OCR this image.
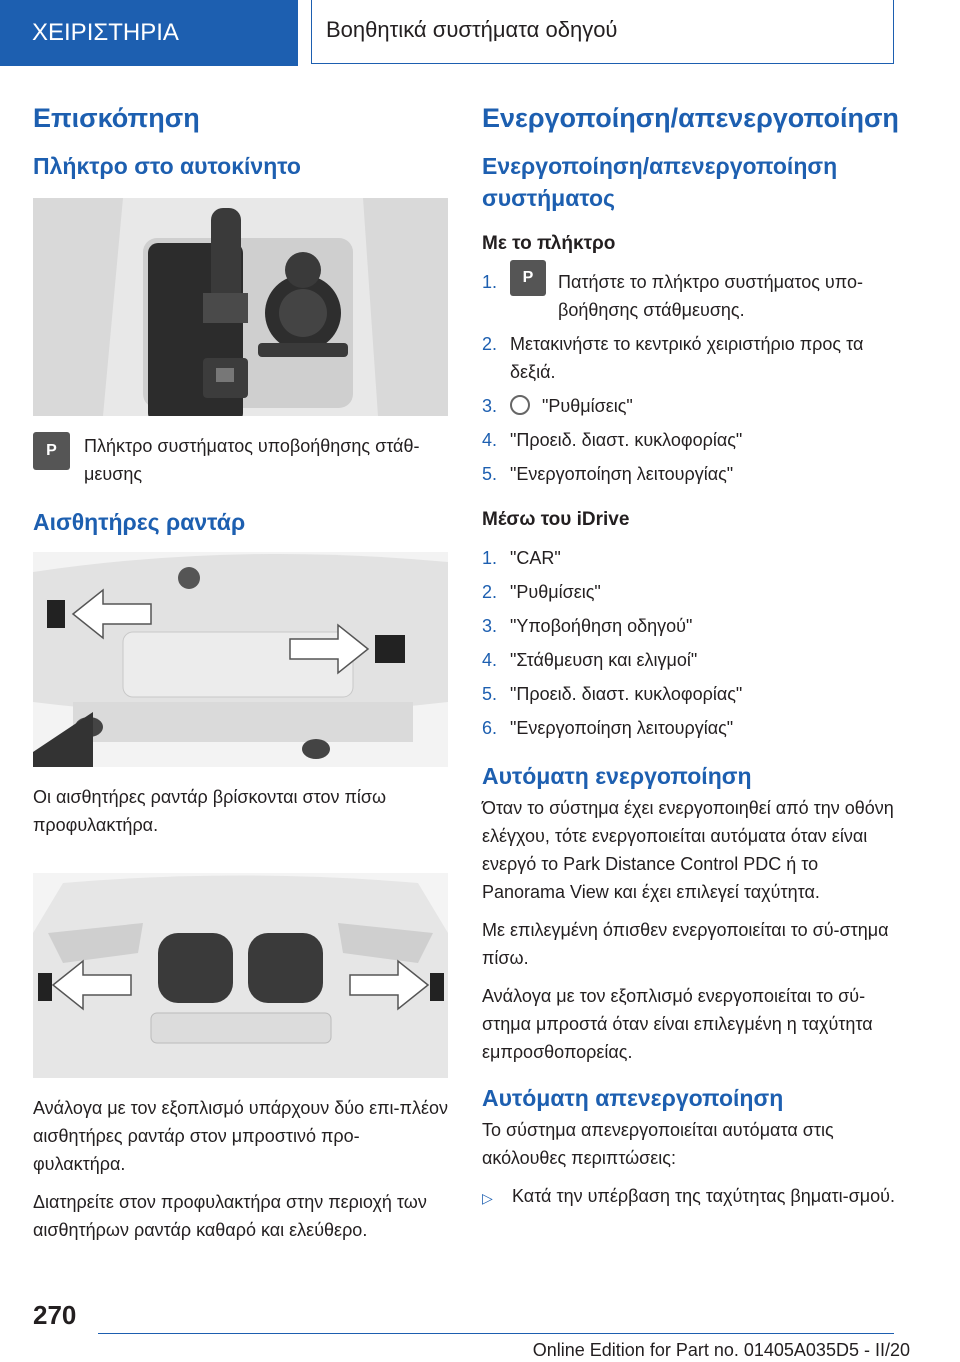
ΧΕΙΡΙΣΤΗΡΙΑ	Βοηθητικά συστήματα οδηγού
Επισκόπηση
Πλήκτρο στο αυτοκίνητο
P	Πλήκτρο συστήματος υποβοήθησης στάθ-μευσης
Αισθητήρες ραντάρ
Οι αισθητήρες ραντάρ βρίσκονται στον πίσω προφυλακτήρα.
Ανάλογα με τον εξοπλισμό υπάρχουν δύο επι-πλέον αισθητήρες ραντάρ στον μπροστινό προ-φυλακτήρα.
Διατηρείτε στον προφυλακτήρα στην περιοχή των αισθητήρων ραντάρ καθαρό και ελεύθερο.
Ενεργοποίηση/απενεργοποίηση
Ενεργοποίηση/απενεργοποίηση συστήματος
Με το πλήκτρο
1.	P	Πατήστε το πλήκτρο συστήματος υπο-βοήθησης στάθμευσης.
2. Μετακινήστε το κεντρικό χειριστήριο προς τα δεξιά.
3.	"Ρυθμίσεις"
4. "Προειδ. διαστ. κυκλοφορίας"
5. "Ενεργοποίηση λειτουργίας"
Μέσω του iDrive
1. "CAR"
2. "Ρυθμίσεις"
3. "Υποβοήθηση οδηγού"
4. "Στάθμευση και ελιγμοί"
5. "Προειδ. διαστ. κυκλοφορίας"
6. "Ενεργοποίηση λειτουργίας"
Αυτόματη ενεργοποίηση
Όταν το σύστημα έχει ενεργοποιηθεί από την οθόνη ελέγχου, τότε ενεργοποιείται αυτόματα όταν είναι ενεργό το Park Distance Control PDC ή το Panorama View και έχει επιλεγεί ταχύτητα.
Με επιλεγμένη όπισθεν ενεργοποιείται το σύ-στημα πίσω.
Ανάλογα με τον εξοπλισμό ενεργοποιείται το σύ-στημα μπροστά όταν είναι επιλεγμένη η ταχύτητα εμπροσθοπορείας.
Αυτόματη απενεργοποίηση
Το σύστημα απενεργοποιείται αυτόματα στις ακόλουθες περιπτώσεις:
▷	Κατά την υπέρβαση της ταχύτητας βηματι-σμού.
270
Online Edition for Part no. 01405A035D5 - II/20
